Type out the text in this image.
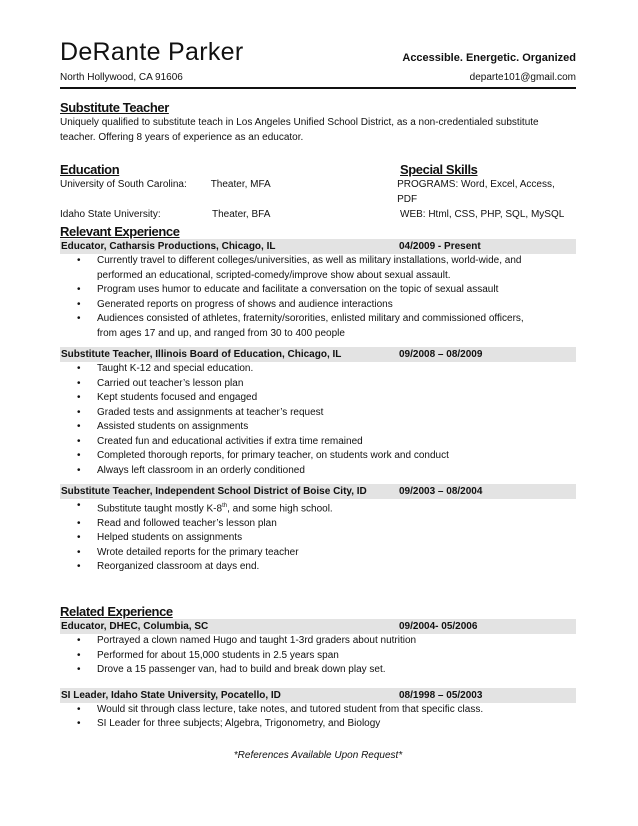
DeRante Parker	Accessible. Energetic. Organized
North Hollywood, CA 91606	departe101@gmail.com
Substitute Teacher
Uniquely qualified to substitute teach in Los Angeles Unified School District, as a non-credentialed substitute
teacher. Offering 8 years of experience as an educator.
Education	Special Skills
University of South Carolina:	Theater, MFA	PROGRAMS: Word, Excel, Access, PDF
Idaho State University:	Theater, BFA	WEB: Html, CSS, PHP, SQL, MySQL
Relevant Experience
Educator, Catharsis Productions, Chicago, IL	04/2009 - Present
• Currently travel to different colleges/universities, as well as military installations, world-wide, and
performed an educational, scripted-comedy/improve show about sexual assault.
• Program uses humor to educate and facilitate a conversation on the topic of sexual assault
• Generated reports on progress of shows and audience interactions
• Audiences consisted of athletes, fraternity/sororities, enlisted military and commissioned officers,
from ages 17 and up, and ranged from 30 to 400 people
Substitute Teacher, Illinois Board of Education, Chicago, IL	09/2008 – 08/2009
• Taught K-12 and special education.
• Carried out teacher’s lesson plan
• Kept students focused and engaged
• Graded tests and assignments at teacher’s request
• Assisted students on assignments
• Created fun and educational activities if extra time remained
• Completed thorough reports, for primary teacher, on students work and conduct
• Always left classroom in an orderly conditioned
Substitute Teacher, Independent School District of Boise City, ID	09/2003 – 08/2004
• Substitute taught mostly K-8th, and some high school.
• Read and followed teacher’s lesson plan
• Helped students on assignments
• Wrote detailed reports for the primary teacher
• Reorganized classroom at days end.
Related Experience
Educator, DHEC, Columbia, SC	09/2004- 05/2006
• Portrayed a clown named Hugo and taught 1-3rd graders about nutrition
• Performed for about 15,000 students in 2.5 years span
• Drove a 15 passenger van, had to build and break down play set.
SI Leader, Idaho State University, Pocatello, ID	08/1998 – 05/2003
• Would sit through class lecture, take notes, and tutored student from that specific class.
• SI Leader for three subjects; Algebra, Trigonometry, and Biology
*References Available Upon Request*
